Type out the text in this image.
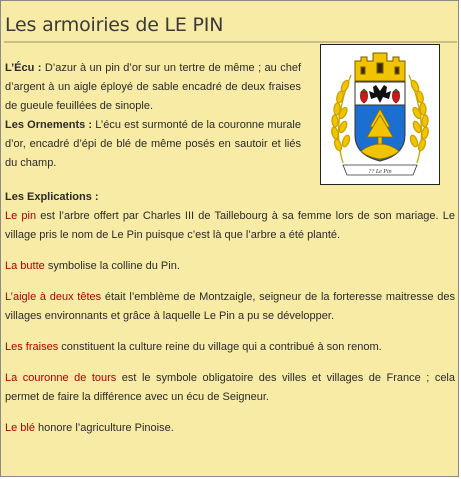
Les armoiries de LE PIN

L’Écu : D’azur à un pin d’or sur un tertre de même ; au chef d’argent à un aigle éployé de sable encadré de deux fraises de gueule feuillées de sinople.

Les Ornements : L’écu est surmonté de la couronne murale d’or, encadré d’épi de blé de même posés en sautoir et liés du champ.

?? Le Pin

Les Explications :

Le pin est l’arbre offert par Charles III de Taillebourg à sa femme lors de son mariage. Le village pris le nom de Le Pin puisque c’est là que l’arbre a été planté.

La butte symbolise la colline du Pin.

L’aigle à deux têtes était l’emblème de Montzaigle, seigneur de la forteresse maitresse des villages environnants et grâce à laquelle Le Pin a pu se développer.

Les fraises constituent la culture reine du village qui a contribué à son renom.

La couronne de tours est le symbole obligatoire des villes et villages de France ; cela permet de faire la différence avec un écu de Seigneur.

Le blé honore l’agriculture Pinoise.
